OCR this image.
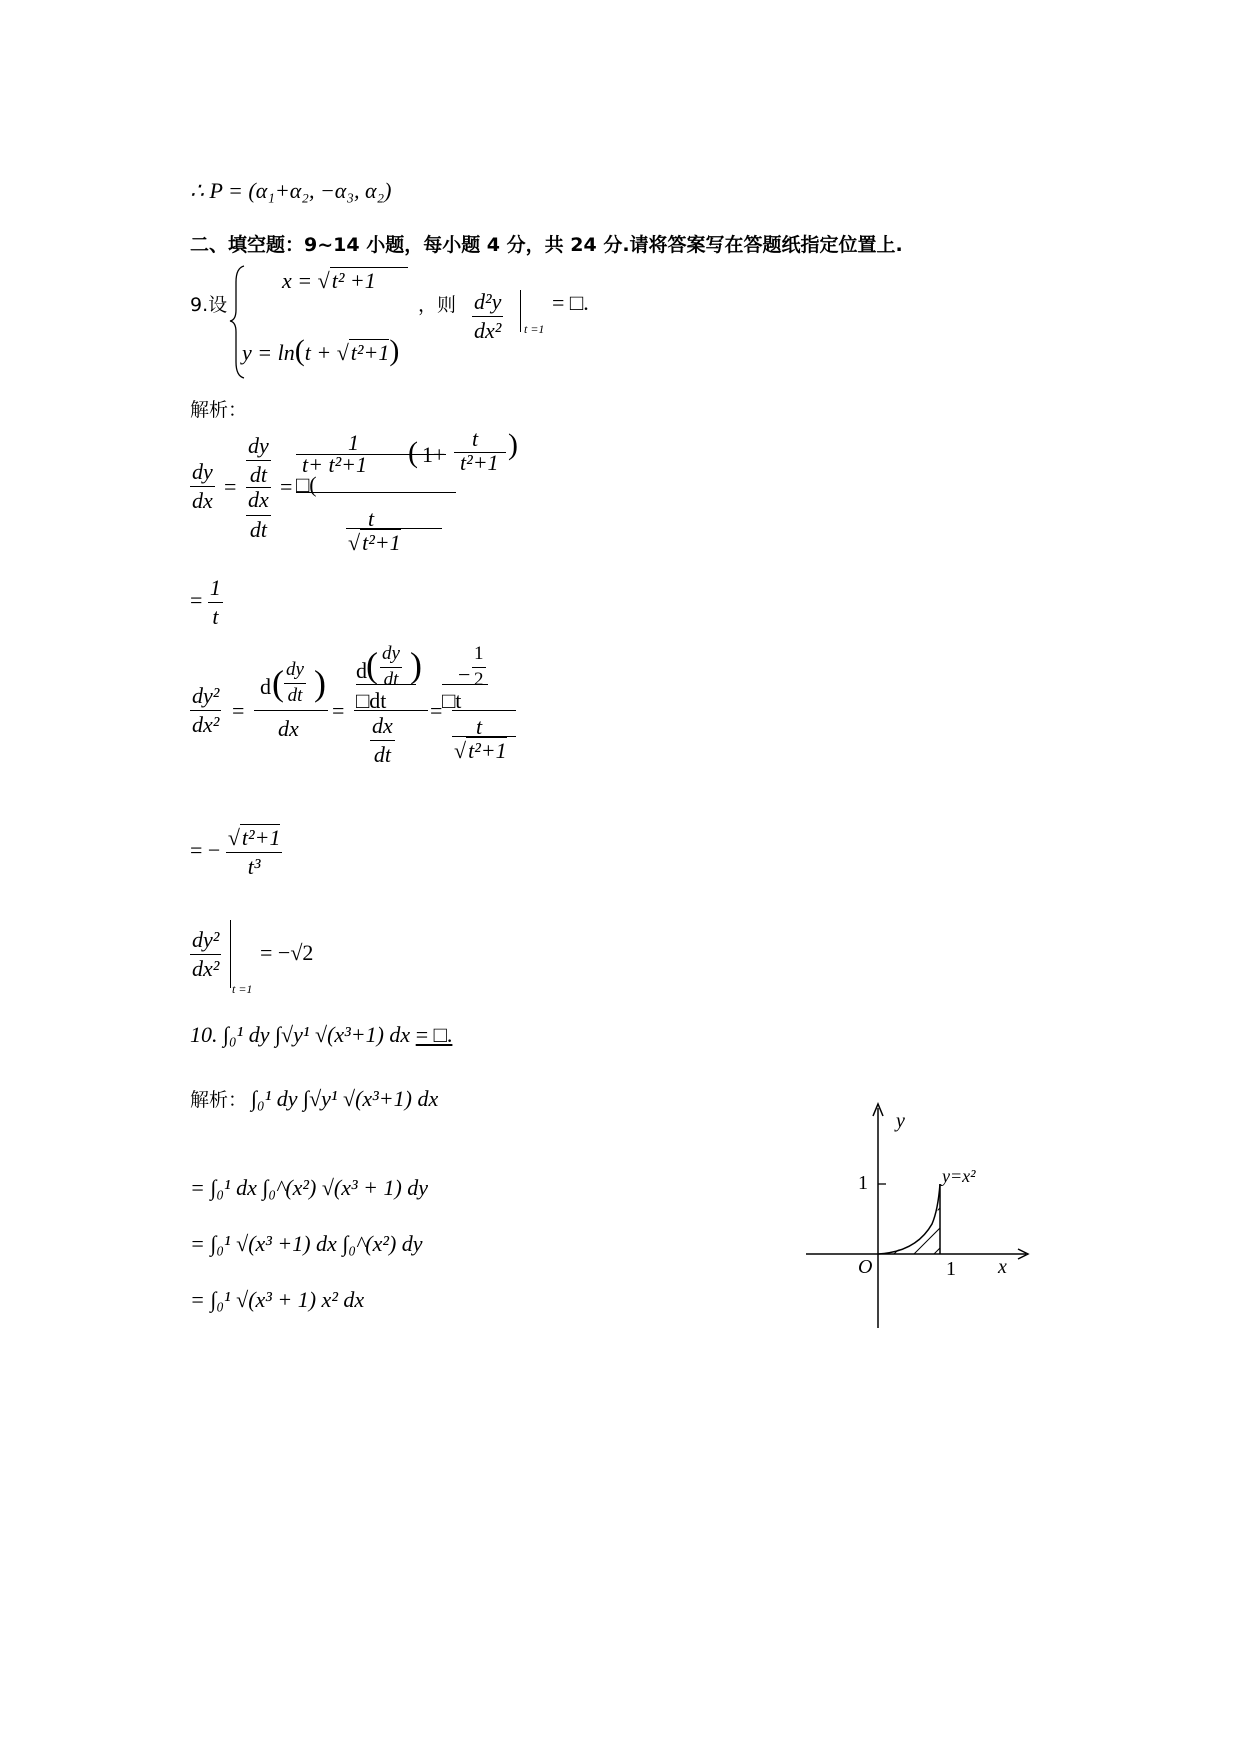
∴ P = (α₁+α₂, −α₃, α₂)
二、填空题：9~14 小题，每小题 4 分，共 24 分.请将答案写在答题纸指定位置上.
9.设
x = √t² +1
，则
y = ln(t + √t²+1)
$\frac{\text{d²y}}{\text{dx²}}$ t =1
= □.
解析：
$\frac{dy}{dx} = \frac{dy}{dt}$
$\frac{dx}{dt}$
=
1
t+ t²+1
□(
( 1+
t
t²+1
)
t
√t²+1
= $\frac{1}{t}$
$\frac{\text{dy²}}{\text{dx²}}$ =
d ( $\frac{dy}{dt}$ )
dx
=
d ( $\frac{dy}{dt}$ )
□dt
$\frac{dx}{dt}$
=
− $\frac{1}{2}$
□t
t
√t²+1
= − $\frac{\text{√t²+1}}{\text{t³}}$
$\frac{\text{dy²}}{\text{dx²}}$
t =1
= −√2
10. ∫₀¹ dy ∫√y¹ √(x³+1) dx = □.
解析： ∫₀¹ dy ∫√y¹ √(x³+1) dx
= ∫₀¹ dx ∫₀^(x²) √(x³ + 1) dy
= ∫₀¹ √(x³ +1) dx ∫₀^(x²) dy
= ∫₀¹ √(x³ + 1) x² dx
y
x
O
1
1
y=x²
